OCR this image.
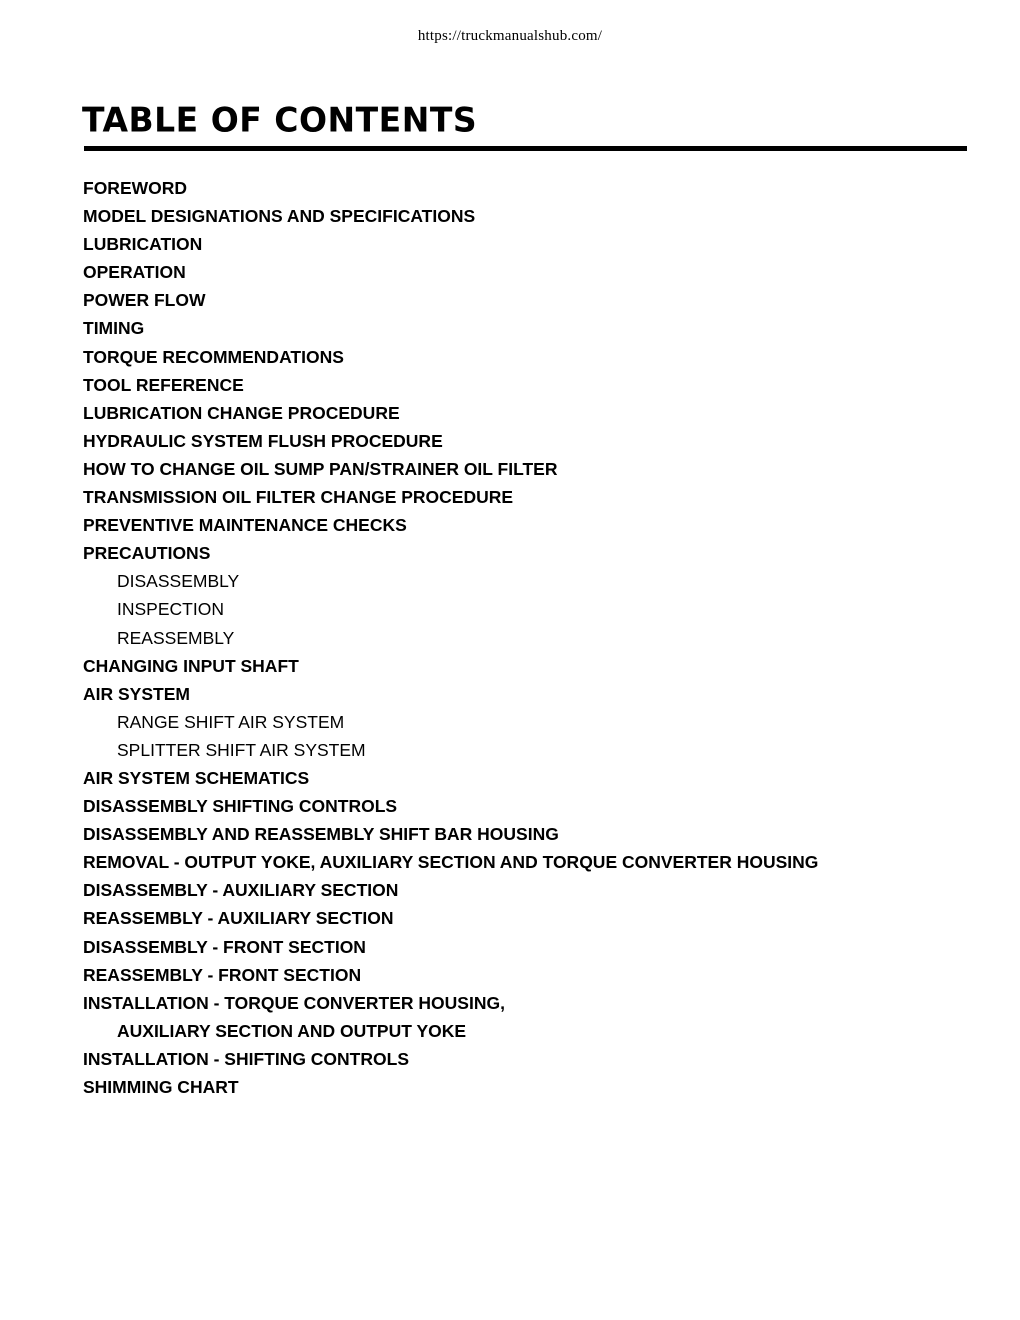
https://truckmanualshub.com/
TABLE OF CONTENTS
FOREWORD
MODEL DESIGNATIONS AND SPECIFICATIONS
LUBRICATION
OPERATION
POWER FLOW
TIMING
TORQUE RECOMMENDATIONS
TOOL REFERENCE
LUBRICATION CHANGE PROCEDURE
HYDRAULIC SYSTEM FLUSH PROCEDURE
HOW TO CHANGE OIL SUMP PAN/STRAINER OIL FILTER
TRANSMISSION OIL FILTER CHANGE PROCEDURE
PREVENTIVE MAINTENANCE CHECKS
PRECAUTIONS
DISASSEMBLY
INSPECTION
REASSEMBLY
CHANGING INPUT SHAFT
AIR SYSTEM
RANGE SHIFT AIR SYSTEM
SPLITTER SHIFT AIR SYSTEM
AIR SYSTEM SCHEMATICS
DISASSEMBLY SHIFTING CONTROLS
DISASSEMBLY AND REASSEMBLY SHIFT BAR HOUSING
REMOVAL - OUTPUT YOKE, AUXILIARY SECTION AND TORQUE CONVERTER HOUSING
DISASSEMBLY - AUXILIARY SECTION
REASSEMBLY - AUXILIARY SECTION
DISASSEMBLY - FRONT SECTION
REASSEMBLY - FRONT SECTION
INSTALLATION - TORQUE CONVERTER HOUSING,
AUXILIARY SECTION AND OUTPUT YOKE
INSTALLATION - SHIFTING CONTROLS
SHIMMING CHART
